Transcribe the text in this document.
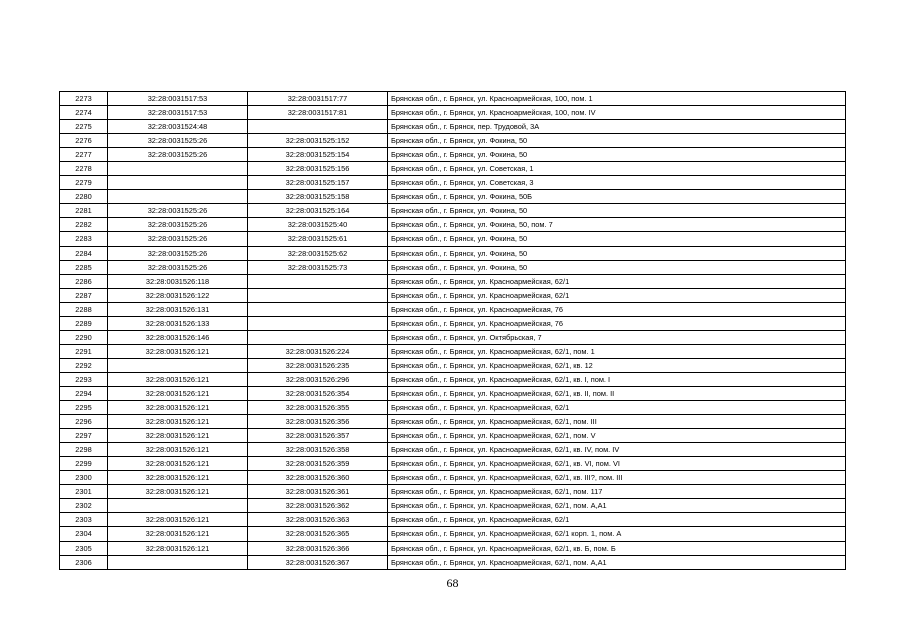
2273	32:28:0031517:53	32:28:0031517:77	Брянская обл., г. Брянск, ул. Красноармейская, 100, пом. 1
2274	32:28:0031517:53	32:28:0031517:81	Брянская обл., г. Брянск, ул. Красноармейская, 100, пом. IV
2275	32:28:0031524:48		Брянская обл., г. Брянск, пер. Трудовой, 3А
2276	32:28:0031525:26	32:28:0031525:152	Брянская обл., г. Брянск, ул. Фокина, 50
2277	32:28:0031525:26	32:28:0031525:154	Брянская обл., г. Брянск, ул. Фокина, 50
2278		32:28:0031525:156	Брянская обл., г. Брянск, ул. Советская, 1
2279		32:28:0031525:157	Брянская обл., г. Брянск, ул. Советская, 3
2280		32:28:0031525:158	Брянская обл., г. Брянск, ул. Фокина, 50Б
2281	32:28:0031525:26	32:28:0031525:164	Брянская обл., г. Брянск, ул. Фокина, 50
2282	32:28:0031525:26	32:28:0031525:40	Брянская обл., г. Брянск, ул. Фокина, 50, пом. 7
2283	32:28:0031525:26	32:28:0031525:61	Брянская обл., г. Брянск, ул. Фокина, 50
2284	32:28:0031525:26	32:28:0031525:62	Брянская обл., г. Брянск, ул. Фокина, 50
2285	32:28:0031525:26	32:28:0031525:73	Брянская обл., г. Брянск, ул. Фокина, 50
2286	32:28:0031526:118		Брянская обл., г. Брянск, ул. Красноармейская, 62/1
2287	32:28:0031526:122		Брянская обл., г. Брянск, ул. Красноармейская, 62/1
2288	32:28:0031526:131		Брянская обл., г. Брянск, ул. Красноармейская, 76
2289	32:28:0031526:133		Брянская обл., г. Брянск, ул. Красноармейская, 76
2290	32:28:0031526:146		Брянская обл., г. Брянск, ул. Октябрьская, 7
2291	32:28:0031526:121	32:28:0031526:224	Брянская обл., г. Брянск, ул. Красноармейская, 62/1, пом. 1
2292		32:28:0031526:235	Брянская обл., г. Брянск, ул. Красноармейская, 62/1, кв. 12
2293	32:28:0031526:121	32:28:0031526:296	Брянская обл., г. Брянск, ул. Красноармейская, 62/1, кв. I, пом. I
2294	32:28:0031526:121	32:28:0031526:354	Брянская обл., г. Брянск, ул. Красноармейская, 62/1, кв. II, пом. II
2295	32:28:0031526:121	32:28:0031526:355	Брянская обл., г. Брянск, ул. Красноармейская, 62/1
2296	32:28:0031526:121	32:28:0031526:356	Брянская обл., г. Брянск, ул. Красноармейская, 62/1, пом. III
2297	32:28:0031526:121	32:28:0031526:357	Брянская обл., г. Брянск, ул. Красноармейская, 62/1, пом. V
2298	32:28:0031526:121	32:28:0031526:358	Брянская обл., г. Брянск, ул. Красноармейская, 62/1, кв. IV, пом. IV
2299	32:28:0031526:121	32:28:0031526:359	Брянская обл., г. Брянск, ул. Красноармейская, 62/1, кв. VI, пом. VI
2300	32:28:0031526:121	32:28:0031526:360	Брянская обл., г. Брянск, ул. Красноармейская, 62/1, кв. III?, пом. III
2301	32:28:0031526:121	32:28:0031526:361	Брянская обл., г. Брянск, ул. Красноармейская, 62/1, пом. 117
2302		32:28:0031526:362	Брянская обл., г. Брянск, ул. Красноармейская, 62/1, пом. А,А1
2303	32:28:0031526:121	32:28:0031526:363	Брянская обл., г. Брянск, ул. Красноармейская, 62/1
2304	32:28:0031526:121	32:28:0031526:365	Брянская обл., г. Брянск, ул. Красноармейская, 62/1 корп. 1, пом. А
2305	32:28:0031526:121	32:28:0031526:366	Брянская обл., г. Брянск, ул. Красноармейская, 62/1, кв. Б, пом. Б
2306		32:28:0031526:367	Брянская обл., г. Брянск, ул. Красноармейская, 62/1, пом. А,А1
68
